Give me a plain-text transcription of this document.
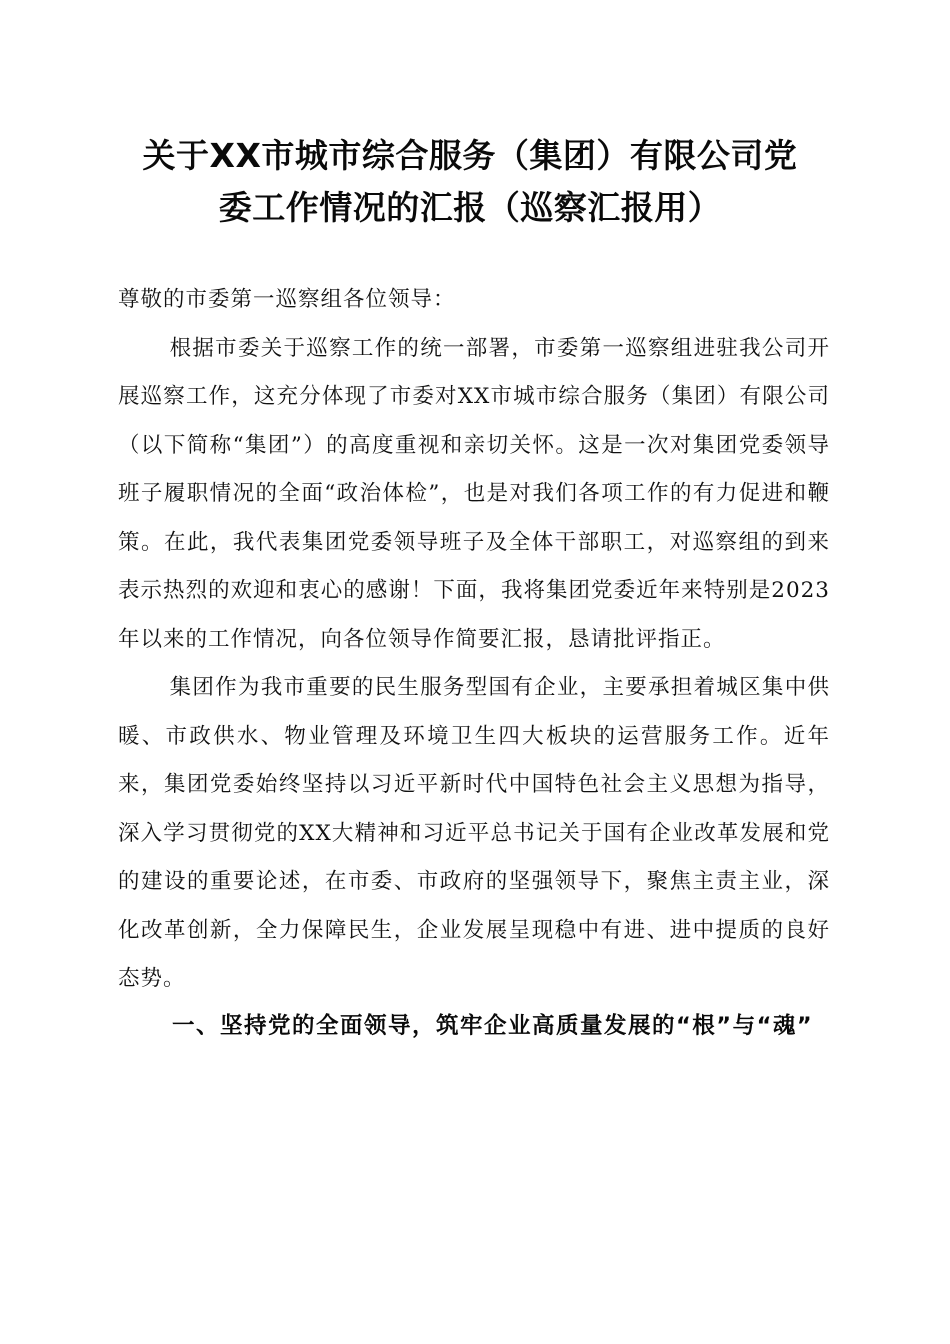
关于XX市城市综合服务（集团）有限公司党
委工作情况的汇报（巡察汇报用）

尊敬的市委第一巡察组各位领导：

根据市委关于巡察工作的统一部署，市委第一巡察组进驻我公司开展巡察工作，这充分体现了市委对XX市城市综合服务（集团）有限公司（以下简称“集团”）的高度重视和亲切关怀。这是一次对集团党委领导班子履职情况的全面“政治体检”，也是对我们各项工作的有力促进和鞭策。在此，我代表集团党委领导班子及全体干部职工，对巡察组的到来表示热烈的欢迎和衷心的感谢！下面，我将集团党委近年来特别是2023年以来的工作情况，向各位领导作简要汇报，恳请批评指正。

集团作为我市重要的民生服务型国有企业，主要承担着城区集中供暖、市政供水、物业管理及环境卫生四大板块的运营服务工作。近年来，集团党委始终坚持以习近平新时代中国特色社会主义思想为指导，深入学习贯彻党的XX大精神和习近平总书记关于国有企业改革发展和党的建设的重要论述，在市委、市政府的坚强领导下，聚焦主责主业，深化改革创新，全力保障民生，企业发展呈现稳中有进、进中提质的良好态势。

一、坚持党的全面领导，筑牢企业高质量发展的“根”与“魂”
